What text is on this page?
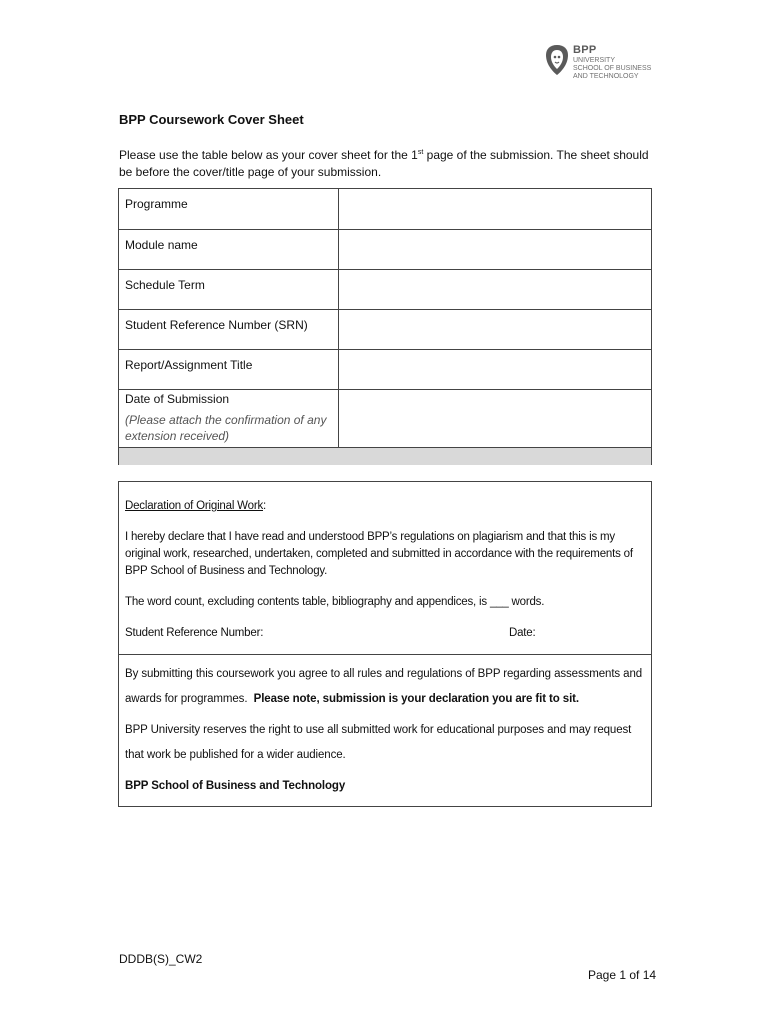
BPP
UNIVERSITY
SCHOOL OF BUSINESS
AND TECHNOLOGY
BPP Coursework Cover Sheet
Please use the table below as your cover sheet for the 1st page of the submission. The sheet should be before the cover/title page of your submission.
Programme
Module name
Schedule Term
Student Reference Number (SRN)
Report/Assignment Title
Date of Submission
(Please attach the confirmation of any extension received)

Declaration of Original Work:

I hereby declare that I have read and understood BPP’s regulations on plagiarism and that this is my original work, researched, undertaken, completed and submitted in accordance with the requirements of BPP School of Business and Technology.

The word count, excluding contents table, bibliography and appendices, is ___ words.

Student Reference Number:	Date:

By submitting this coursework you agree to all rules and regulations of BPP regarding assessments and awards for programmes. Please note, submission is your declaration you are fit to sit.

BPP University reserves the right to use all submitted work for educational purposes and may request that work be published for a wider audience.

BPP School of Business and Technology

DDDB(S)_CW2
Page 1 of 14
